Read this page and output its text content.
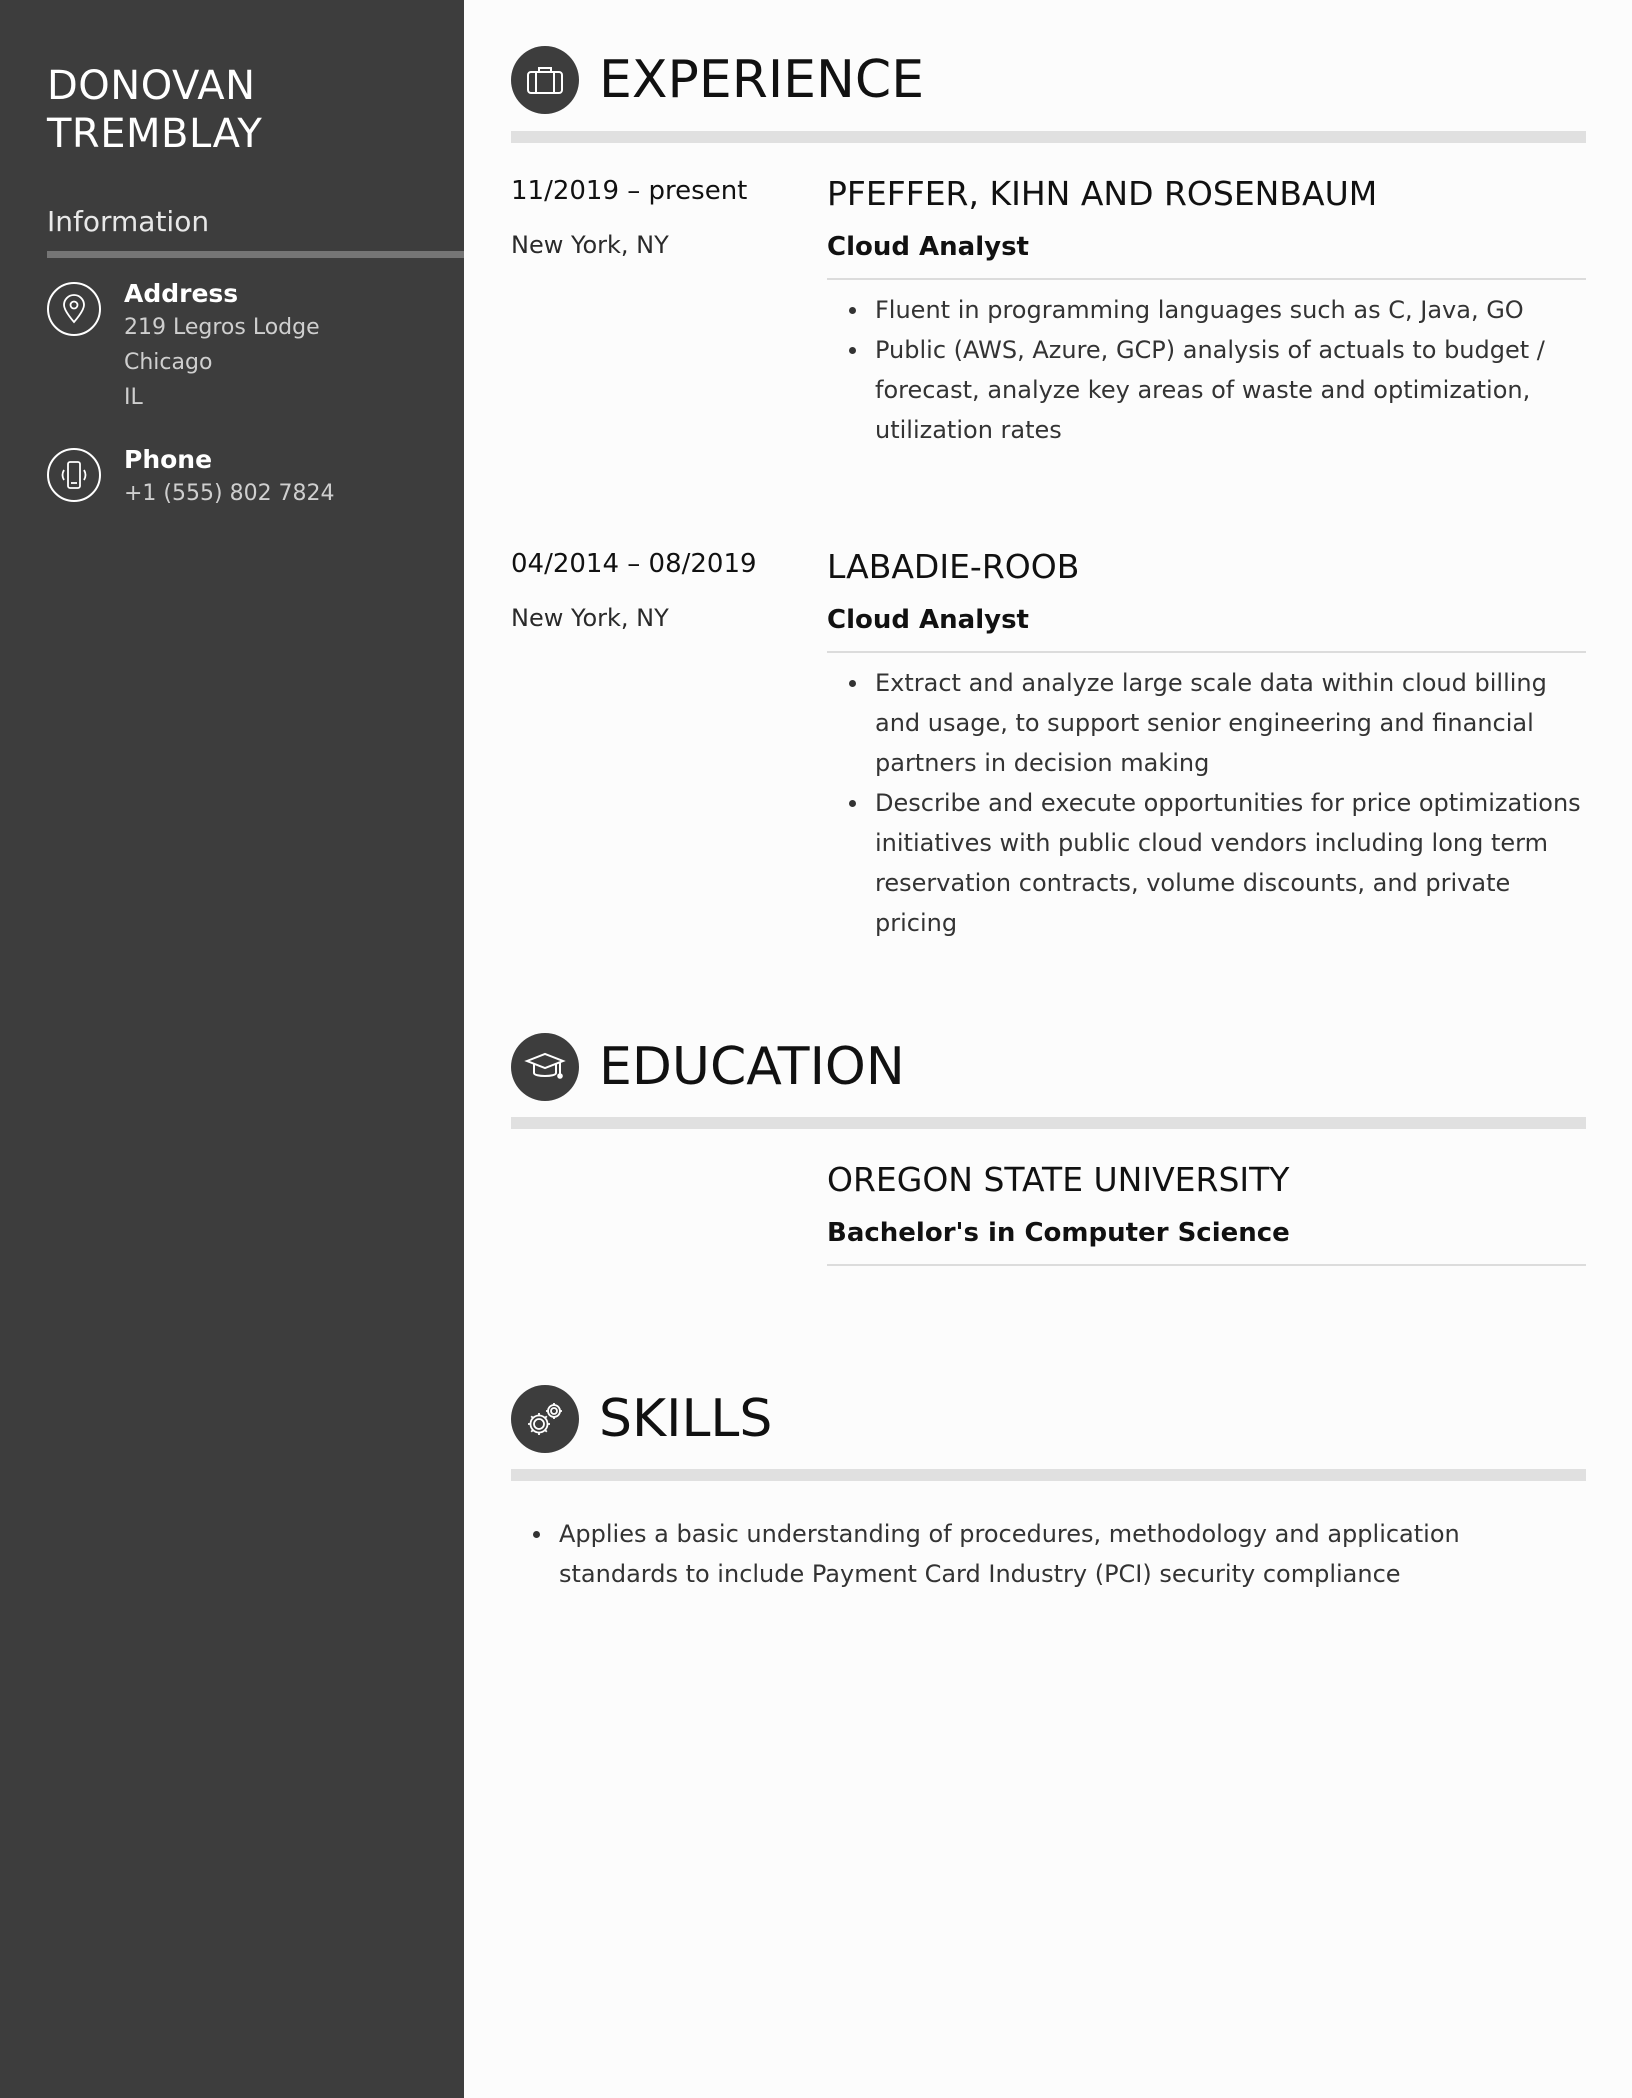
DONOVAN
TREMBLAY
Information
Address
219 Legros Lodge
Chicago
IL
Phone
+1 (555) 802 7824
EXPERIENCE
11/2019 – present
New York, NY
PFEFFER, KIHN AND ROSENBAUM
Cloud Analyst
Fluent in programming languages such as C, Java, GO
Public (AWS, Azure, GCP) analysis of actuals to budget / forecast, analyze key areas of waste and optimization, utilization rates
04/2014 – 08/2019
New York, NY
LABADIE-ROOB
Cloud Analyst
Extract and analyze large scale data within cloud billing and usage, to support senior engineering and financial partners in decision making
Describe and execute opportunities for price optimizations initiatives with public cloud vendors including long term reservation contracts, volume discounts, and private pricing
EDUCATION
OREGON STATE UNIVERSITY
Bachelor's in Computer Science
SKILLS
Applies a basic understanding of procedures, methodology and application standards to include Payment Card Industry (PCI) security compliance
